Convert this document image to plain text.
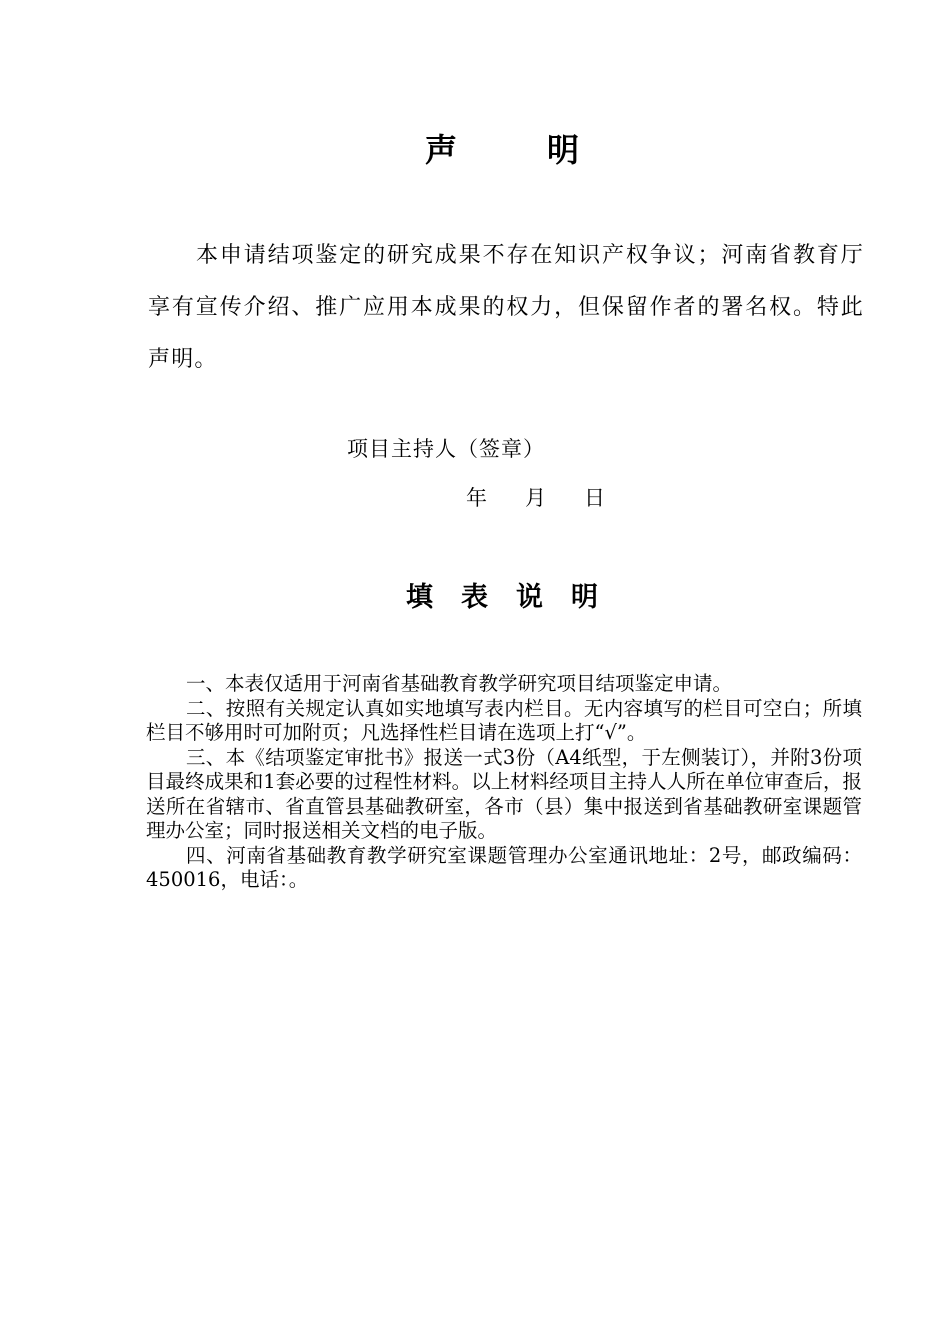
声	明
本申请结项鉴定的研究成果不存在知识产权争议；河南省教育厅享有宣传介绍、推广应用本成果的权力，但保留作者的署名权。特此声明。
项目主持人（签章）
年 月 日
填 表 说 明

一、本表仅适用于河南省基础教育教学研究项目结项鉴定申请。

二、按照有关规定认真如实地填写表内栏目。无内容填写的栏目可空白；所填栏目不够用时可加附页；凡选择性栏目请在选项上打“√”。

三、本《结项鉴定审批书》报送一式3份（A4纸型，于左侧装订），并附3份项目最终成果和1套必要的过程性材料。以上材料经项目主持人人所在单位审查后，报送所在省辖市、省直管县基础教研室，各市（县）集中报送到省基础教研室课题管理办公室；同时报送相关文档的电子版。

四、河南省基础教育教学研究室课题管理办公室通讯地址：2号，邮政编码：450016，电话：。
